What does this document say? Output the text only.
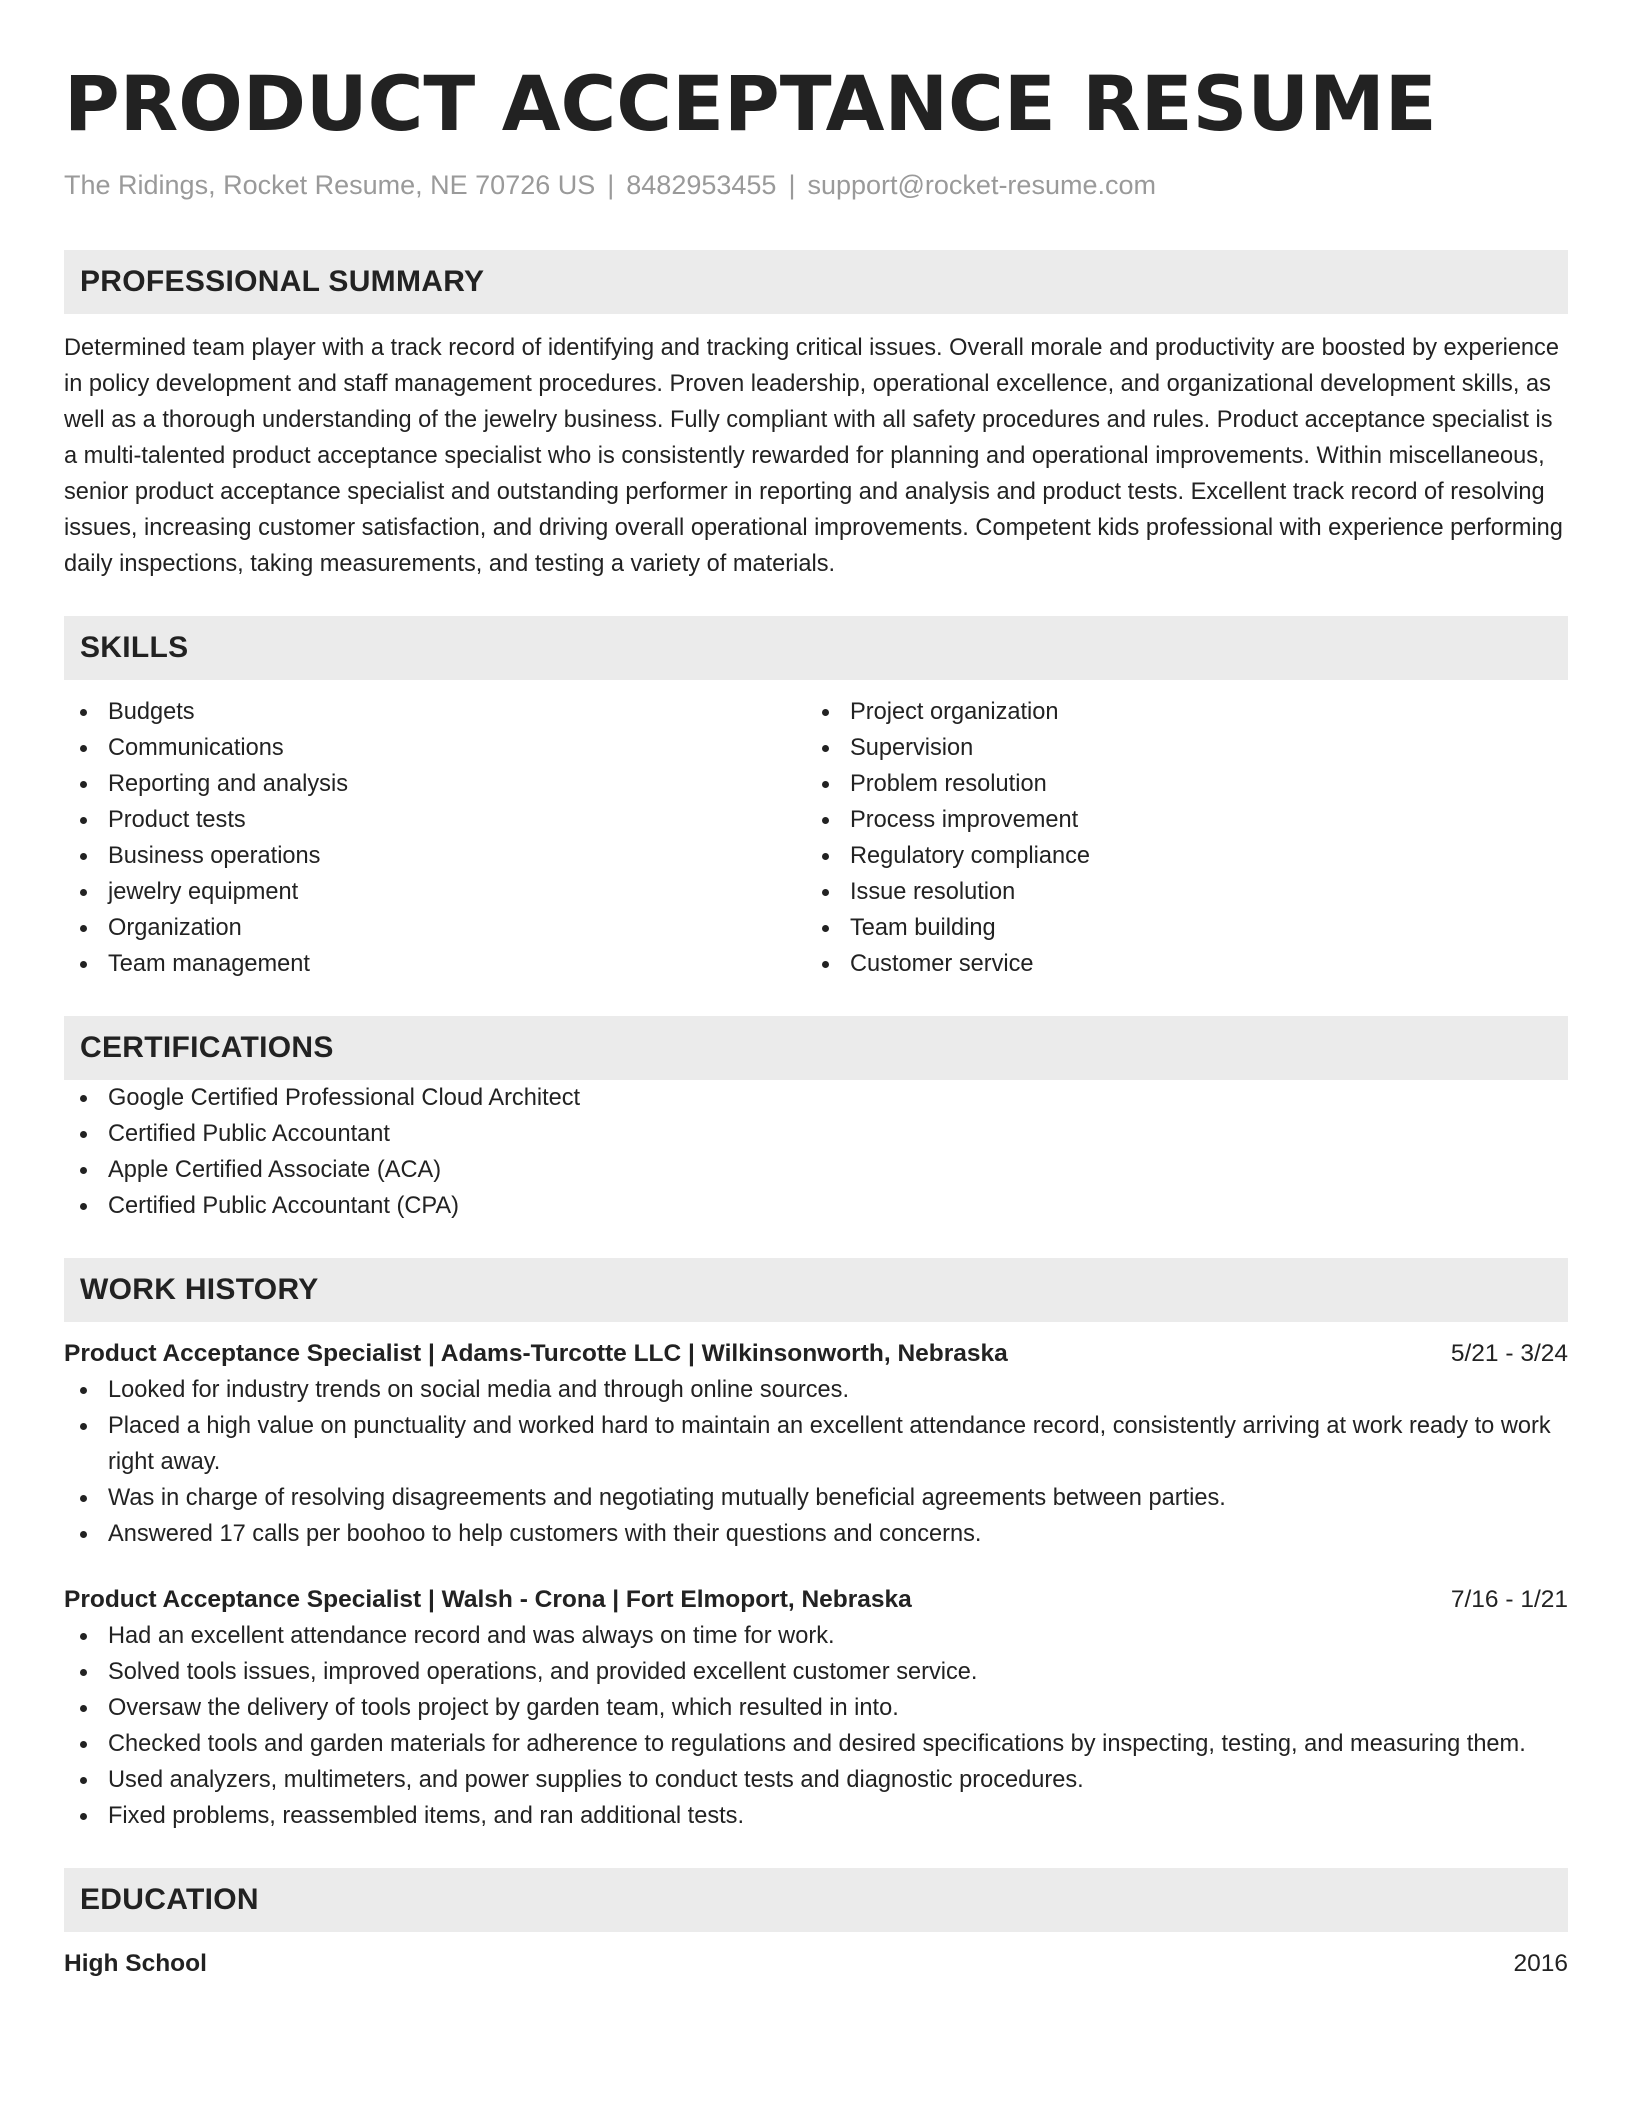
PRODUCT ACCEPTANCE RESUME
The Ridings, Rocket Resume, NE 70726 US | 8482953455 | support@rocket-resume.com
PROFESSIONAL SUMMARY

Determined team player with a track record of identifying and tracking critical issues. Overall morale and productivity are boosted by experience in policy development and staff management procedures. Proven leadership, operational excellence, and organizational development skills, as well as a thorough understanding of the jewelry business. Fully compliant with all safety procedures and rules. Product acceptance specialist is a multi-talented product acceptance specialist who is consistently rewarded for planning and operational improvements. Within miscellaneous, senior product acceptance specialist and outstanding performer in reporting and analysis and product tests. Excellent track record of resolving issues, increasing customer satisfaction, and driving overall operational improvements. Competent kids professional with experience performing daily inspections, taking measurements, and testing a variety of materials.

SKILLS
Budgets
Communications
Reporting and analysis
Product tests
Business operations
jewelry equipment
Organization
Team management
Project organization
Supervision
Problem resolution
Process improvement
Regulatory compliance
Issue resolution
Team building
Customer service
CERTIFICATIONS
Google Certified Professional Cloud Architect
Certified Public Accountant
Apple Certified Associate (ACA)
Certified Public Accountant (CPA)
WORK HISTORY
Product Acceptance Specialist | Adams-Turcotte LLC | Wilkinsonworth, Nebraska	5/21 - 3/24
Looked for industry trends on social media and through online sources.
Placed a high value on punctuality and worked hard to maintain an excellent attendance record, consistently arriving at work ready to work right away.
Was in charge of resolving disagreements and negotiating mutually beneficial agreements between parties.
Answered 17 calls per boohoo to help customers with their questions and concerns.
Product Acceptance Specialist | Walsh - Crona | Fort Elmoport, Nebraska	7/16 - 1/21
Had an excellent attendance record and was always on time for work.
Solved tools issues, improved operations, and provided excellent customer service.
Oversaw the delivery of tools project by garden team, which resulted in into.
Checked tools and garden materials for adherence to regulations and desired specifications by inspecting, testing, and measuring them.
Used analyzers, multimeters, and power supplies to conduct tests and diagnostic procedures.
Fixed problems, reassembled items, and ran additional tests.
EDUCATION
High School	2016
